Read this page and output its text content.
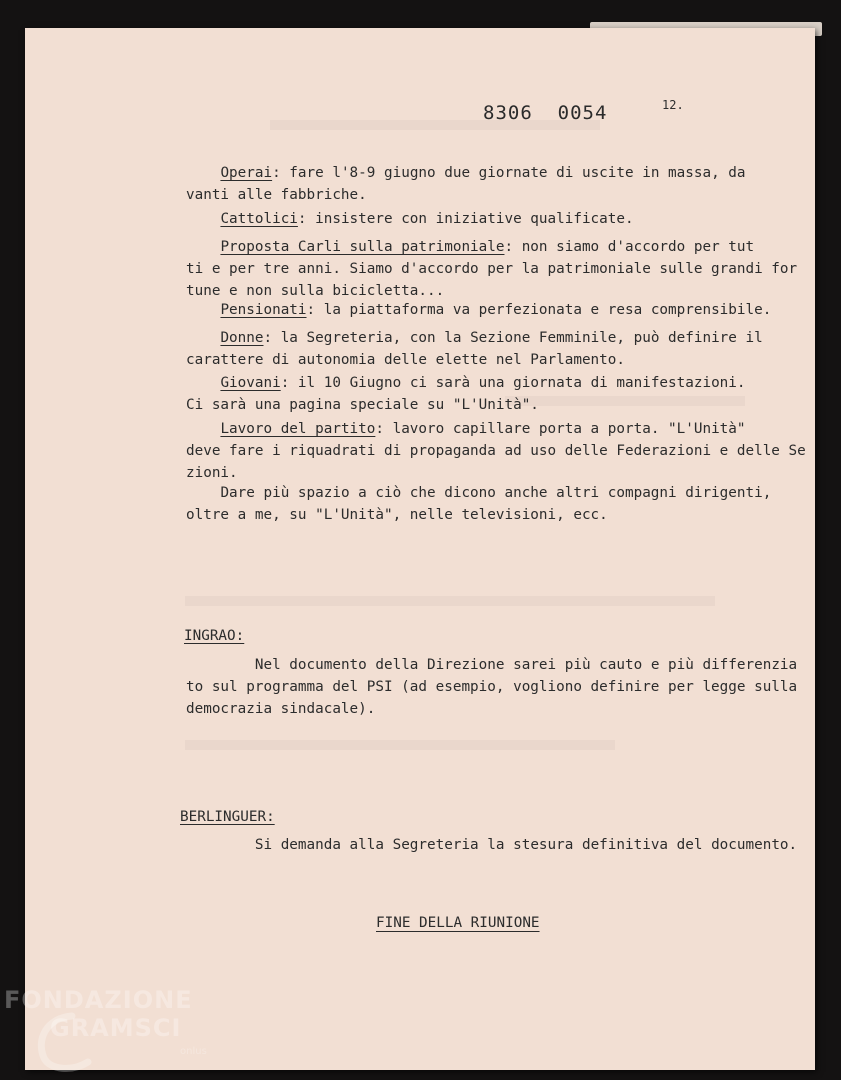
8306 0054	12.
Operai: fare l'8-9 giugno due giornate di uscite in massa, da
vanti alle fabbriche.
Cattolici: insistere con iniziative qualificate.
Proposta Carli sulla patrimoniale: non siamo d'accordo per tut
ti e per tre anni. Siamo d'accordo per la patrimoniale sulle grandi for
tune e non sulla bicicletta...
Pensionati: la piattaforma va perfezionata e resa comprensibile.
Donne: la Segreteria, con la Sezione Femminile, può definire il
carattere di autonomia delle elette nel Parlamento.
Giovani: il 10 Giugno ci sarà una giornata di manifestazioni.
Ci sarà una pagina speciale su "L'Unità".
Lavoro del partito: lavoro capillare porta a porta. "L'Unità"
deve fare i riquadrati di propaganda ad uso delle Federazioni e delle Se
zioni.
Dare più spazio a ciò che dicono anche altri compagni dirigenti,
oltre a me, su "L'Unità", nelle televisioni, ecc.
INGRAO:
Nel documento della Direzione sarei più cauto e più differenzia
to sul programma del PSI (ad esempio, vogliono definire per legge sulla
democrazia sindacale).
BERLINGUER:
Si demanda alla Segreteria la stesura definitiva del documento.
FINE DELLA RIUNIONE
FONDAZIONE
GRAMSCI
onlus
